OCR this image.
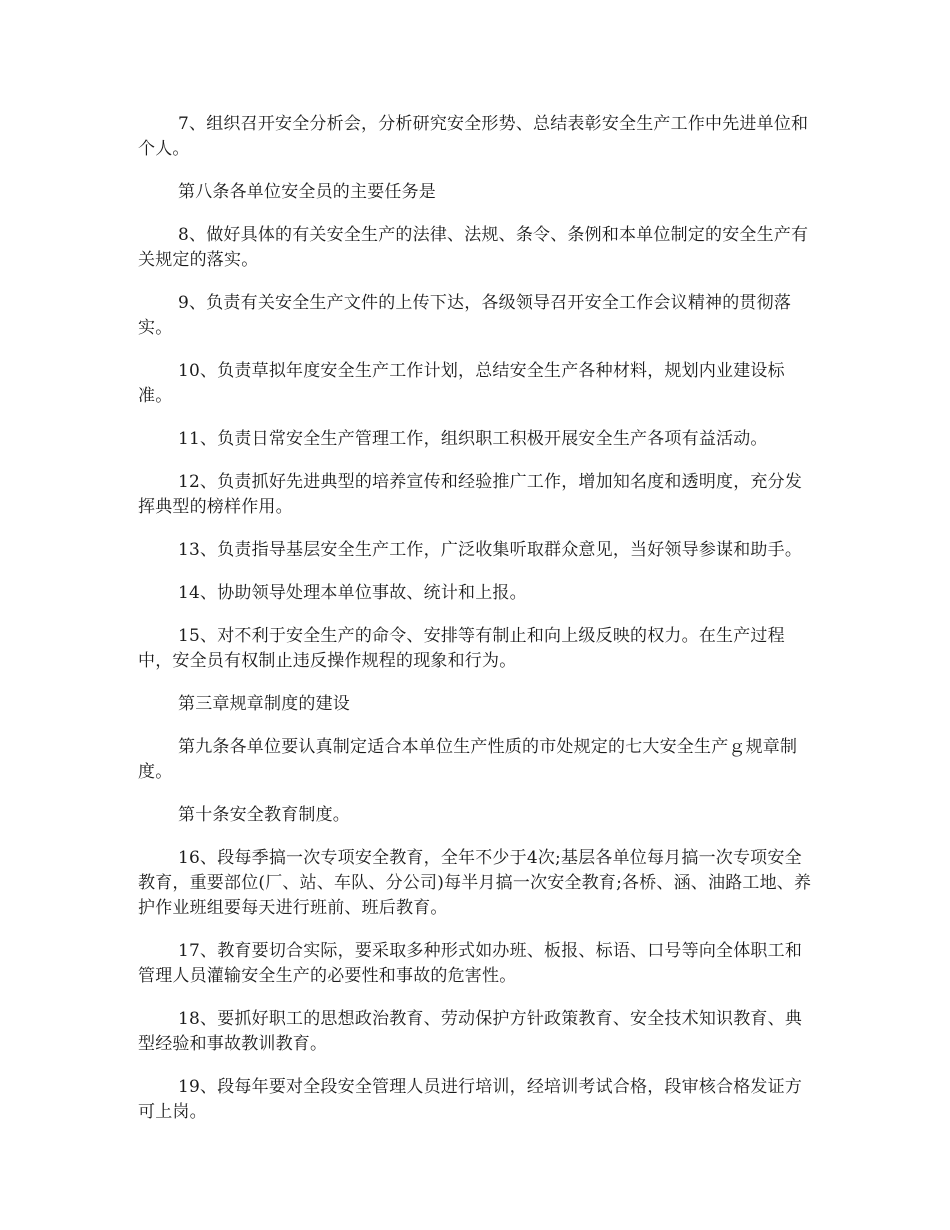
7、组织召开安全分析会，分析研究安全形势、总结表彰安全生产工作中先进单位和个人。

第八条各单位安全员的主要任务是

8、做好具体的有关安全生产的法律、法规、条令、条例和本单位制定的安全生产有关规定的落实。

9、负责有关安全生产文件的上传下达，各级领导召开安全工作会议精神的贯彻落实。

10、负责草拟年度安全生产工作计划，总结安全生产各种材料，规划内业建设标准。

11、负责日常安全生产管理工作，组织职工积极开展安全生产各项有益活动。

12、负责抓好先进典型的培养宣传和经验推广工作，增加知名度和透明度，充分发挥典型的榜样作用。

13、负责指导基层安全生产工作，广泛收集听取群众意见，当好领导参谋和助手。

14、协助领导处理本单位事故、统计和上报。

15、对不利于安全生产的命令、安排等有制止和向上级反映的权力。在生产过程中，安全员有权制止违反操作规程的现象和行为。

第三章规章制度的建设

第九条各单位要认真制定适合本单位生产性质的市处规定的七大安全生产ｇ规章制度。

第十条安全教育制度。

16、段每季搞一次专项安全教育，全年不少于4次;基层各单位每月搞一次专项安全教育，重要部位(厂、站、车队、分公司)每半月搞一次安全教育;各桥、涵、油路工地、养护作业班组要每天进行班前、班后教育。

17、教育要切合实际，要采取多种形式如办班、板报、标语、口号等向全体职工和管理人员灌输安全生产的必要性和事故的危害性。

18、要抓好职工的思想政治教育、劳动保护方针政策教育、安全技术知识教育、典型经验和事故教训教育。

19、段每年要对全段安全管理人员进行培训，经培训考试合格，段审核合格发证方可上岗。
